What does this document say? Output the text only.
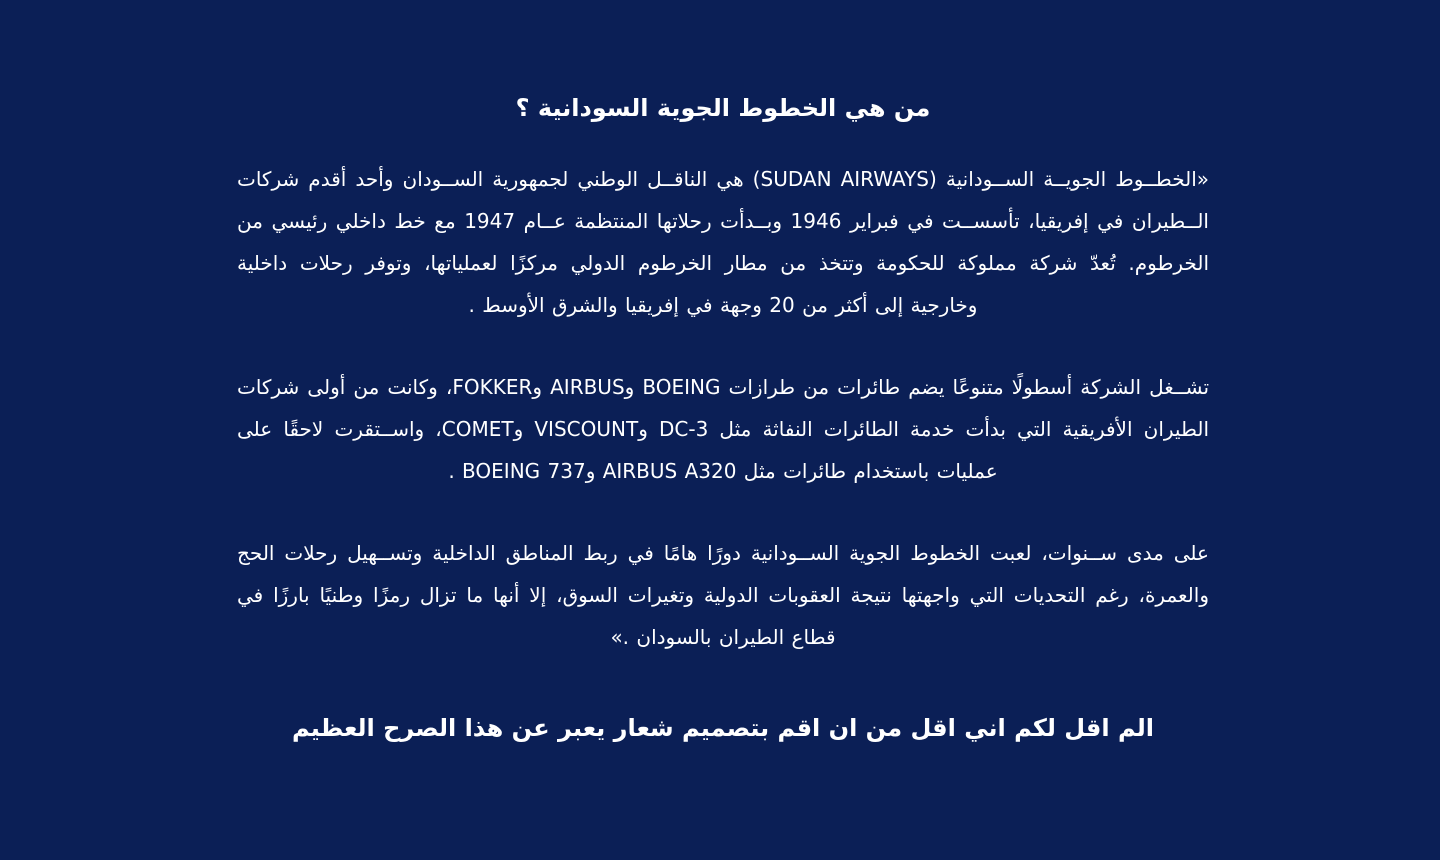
من هي الخطوط الجوية السودانية ؟

«الخطــوط الجويــة الســودانية (SUDAN AIRWAYS) هي الناقــل الوطني لجمهورية الســودان وأحد أقدم شركات الــطيران في إفريقيا، تأسســت في فبراير 1946 وبــدأت رحلاتها المنتظمة عــام 1947 مع خط داخلي رئيسي من الخرطوم. تُعدّ شركة مملوكة للحكومة وتتخذ من مطار الخرطوم الدولي مركزًا لعملياتها، وتوفر رحلات داخلية وخارجية إلى أكثر من 20 وجهة في إفريقيا والشرق الأوسط .

تشــغل الشركة أسطولًا متنوعًا يضم طائرات من طرازات BOEING وAIRBUS وFOKKER، وكانت من أولى شركات الطيران الأفريقية التي بدأت خدمة الطائرات النفاثة مثل DC-3 وVISCOUNT وCOMET، واســتقرت لاحقًا على عمليات باستخدام طائرات مثل AIRBUS A320 وBOEING 737 .

على مدى ســنوات، لعبت الخطوط الجوية الســودانية دورًا هامًا في ربط المناطق الداخلية وتســهيل رحلات الحج والعمرة، رغم التحديات التي واجهتها نتيجة العقوبات الدولية وتغيرات السوق، إلا أنها ما تزال رمزًا وطنيًا بارزًا في قطاع الطيران بالسودان .»

الم اقل لكم اني اقل من ان اقم بتصميم شعار يعبر عن هذا الصرح العظيم
